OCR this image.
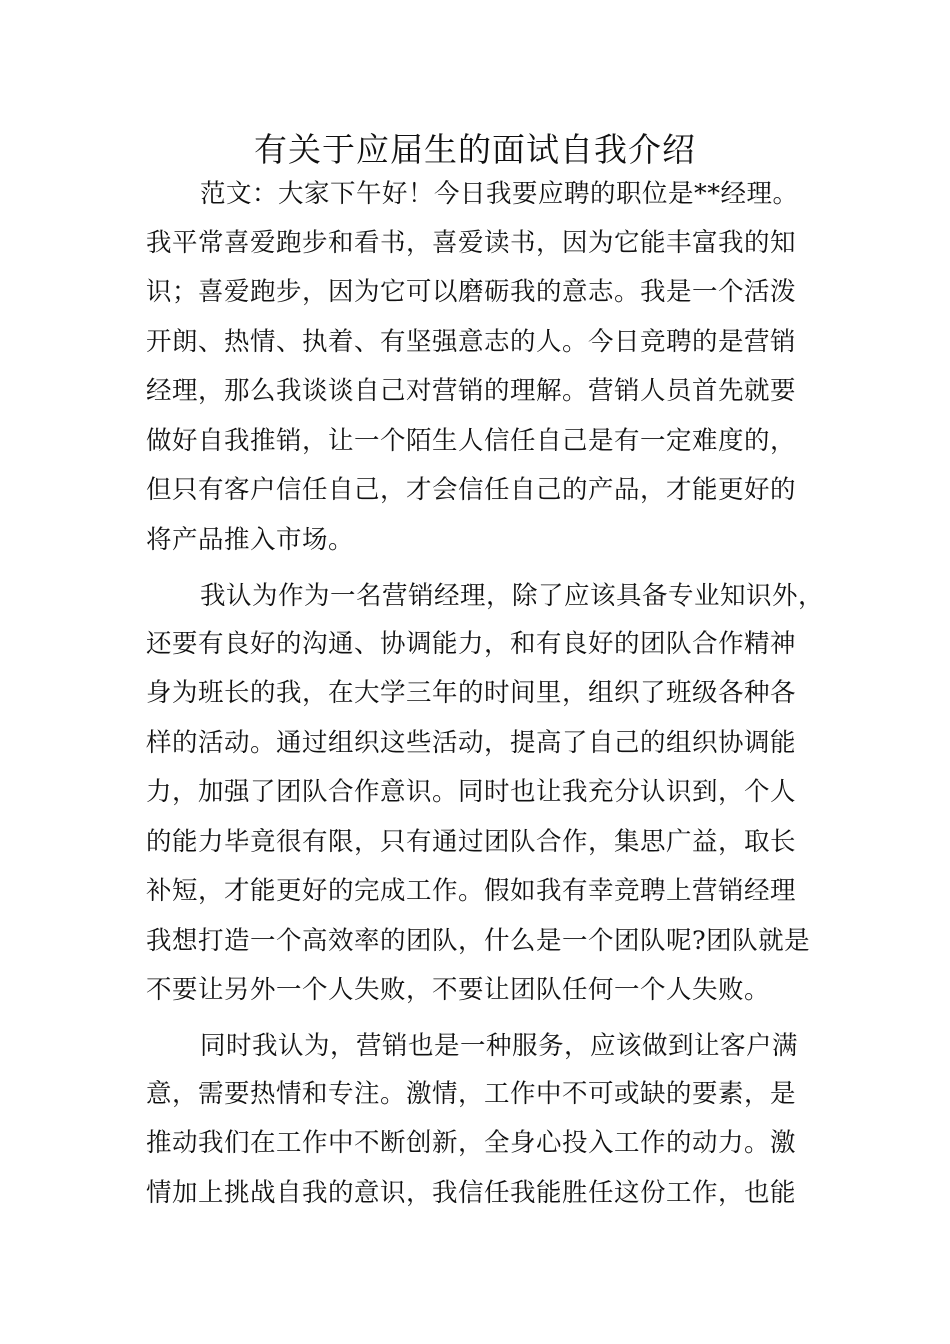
有关于应届生的面试自我介绍
范文：大家下午好！今日我要应聘的职位是**经理。
我平常喜爱跑步和看书，喜爱读书，因为它能丰富我的知
识；喜爱跑步，因为它可以磨砺我的意志。我是一个活泼
开朗、热情、执着、有坚强意志的人。今日竞聘的是营销
经理，那么我谈谈自己对营销的理解。营销人员首先就要
做好自我推销，让一个陌生人信任自己是有一定难度的，
但只有客户信任自己，才会信任自己的产品，才能更好的
将产品推入市场。
我认为作为一名营销经理，除了应该具备专业知识外，
还要有良好的沟通、协调能力，和有良好的团队合作精神
身为班长的我，在大学三年的时间里，组织了班级各种各
样的活动。通过组织这些活动，提高了自己的组织协调能
力，加强了团队合作意识。同时也让我充分认识到，个人
的能力毕竟很有限，只有通过团队合作，集思广益，取长
补短，才能更好的完成工作。假如我有幸竞聘上营销经理
我想打造一个高效率的团队，什么是一个团队呢?团队就是
不要让另外一个人失败，不要让团队任何一个人失败。
同时我认为，营销也是一种服务，应该做到让客户满
意，需要热情和专注。激情，工作中不可或缺的要素，是
推动我们在工作中不断创新，全身心投入工作的动力。激
情加上挑战自我的意识，我信任我能胜任这份工作，也能
